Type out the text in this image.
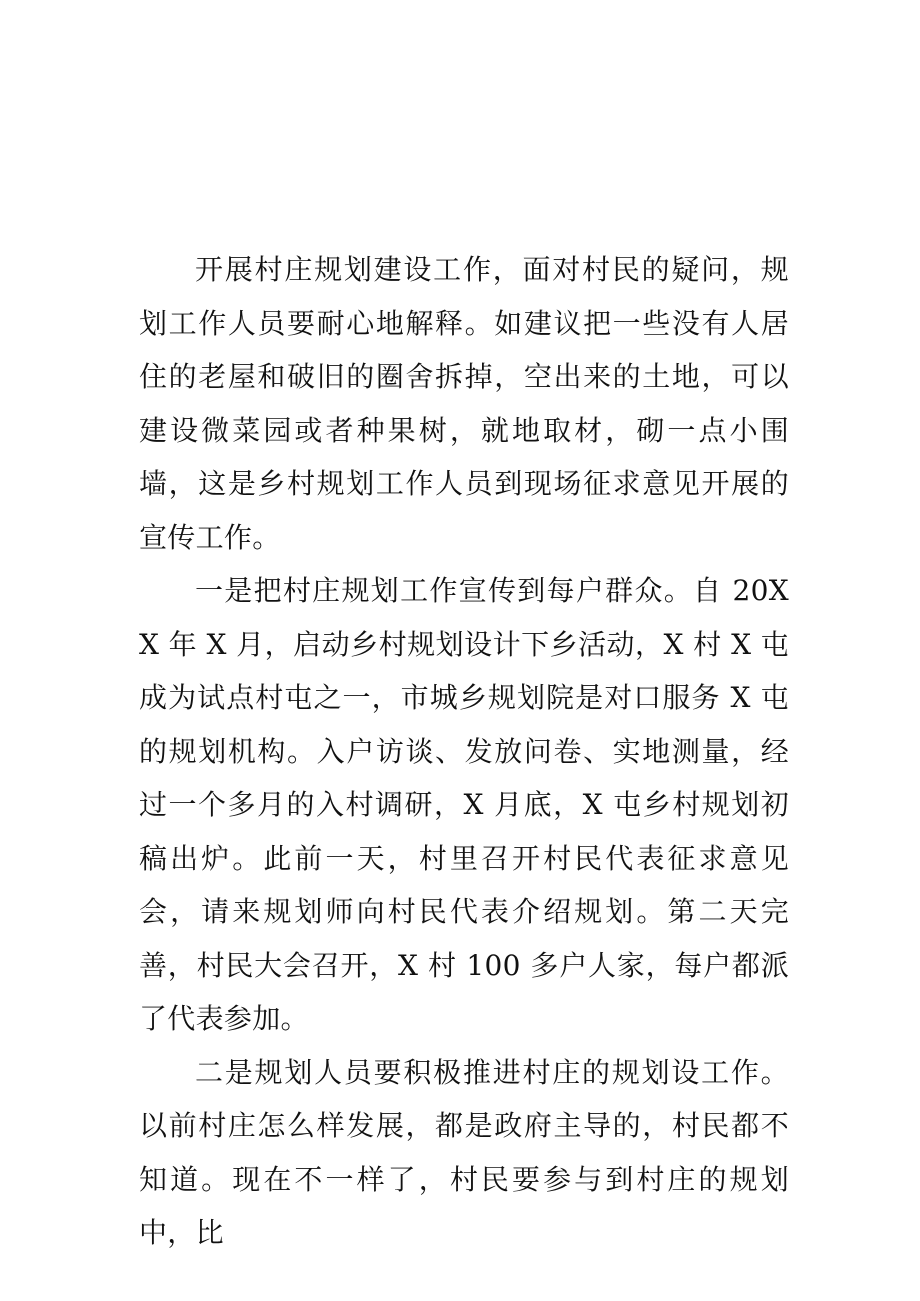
开展村庄规划建设工作，面对村民的疑问，规划工作人员要耐心地解释。如建议把一些没有人居住的老屋和破旧的圈舍拆掉，空出来的土地，可以建设微菜园或者种果树，就地取材，砌一点小围墙，这是乡村规划工作人员到现场征求意见开展的宣传工作。

一是把村庄规划工作宣传到每户群众。自 20XX 年 X 月，启动乡村规划设计下乡活动，X 村 X 屯成为试点村屯之一，市城乡规划院是对口服务 X 屯的规划机构。入户访谈、发放问卷、实地测量，经过一个多月的入村调研，X 月底，X 屯乡村规划初稿出炉。此前一天，村里召开村民代表征求意见会，请来规划师向村民代表介绍规划。第二天完善，村民大会召开，X 村 100 多户人家，每户都派了代表参加。

二是规划人员要积极推进村庄的规划设工作。以前村庄怎么样发展，都是政府主导的，村民都不知道。现在不一样了，村民要参与到村庄的规划中，比
